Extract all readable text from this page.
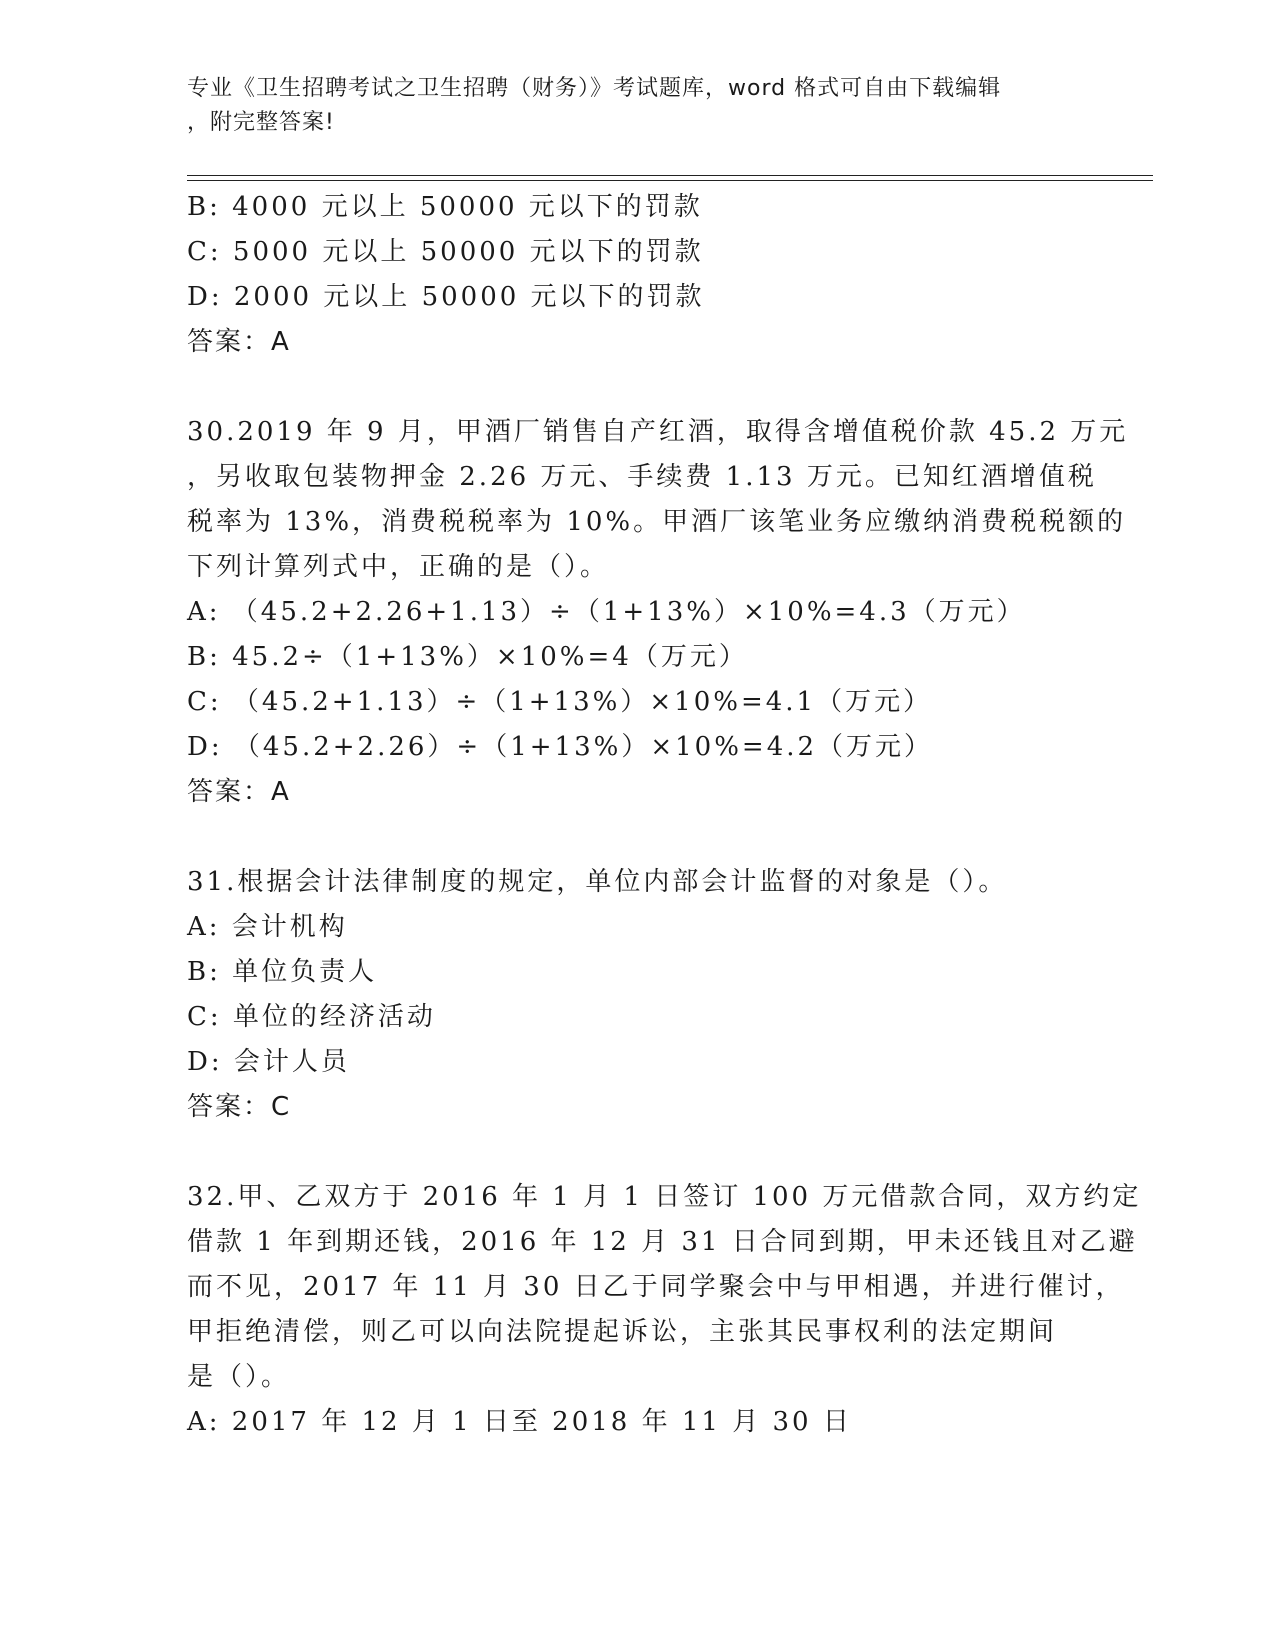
专业《卫生招聘考试之卫生招聘（财务）》考试题库，word 格式可自由下载编辑
，附完整答案!
B: 4000 元以上 50000 元以下的罚款
C: 5000 元以上 50000 元以下的罚款
D: 2000 元以上 50000 元以下的罚款
答案：A
30.2019 年 9 月，甲酒厂销售自产红酒，取得含增值税价款 45.2 万元
，另收取包装物押金 2.26 万元、手续费 1.13 万元。已知红酒增值税
税率为 13%，消费税税率为 10%。甲酒厂该笔业务应缴纳消费税税额的
下列计算列式中，正确的是（）。
A: （45.2+2.26+1.13）÷（1+13%）×10%=4.3（万元）
B: 45.2÷（1+13%）×10%=4（万元）
C: （45.2+1.13）÷（1+13%）×10%=4.1（万元）
D: （45.2+2.26）÷（1+13%）×10%=4.2（万元）
答案：A
31.根据会计法律制度的规定，单位内部会计监督的对象是（）。
A: 会计机构
B: 单位负责人
C: 单位的经济活动
D: 会计人员
答案：C
32.甲、乙双方于 2016 年 1 月 1 日签订 100 万元借款合同，双方约定
借款 1 年到期还钱，2016 年 12 月 31 日合同到期，甲未还钱且对乙避
而不见，2017 年 11 月 30 日乙于同学聚会中与甲相遇，并进行催讨，
甲拒绝清偿，则乙可以向法院提起诉讼，主张其民事权利的法定期间
是（）。
A: 2017 年 12 月 1 日至 2018 年 11 月 30 日
